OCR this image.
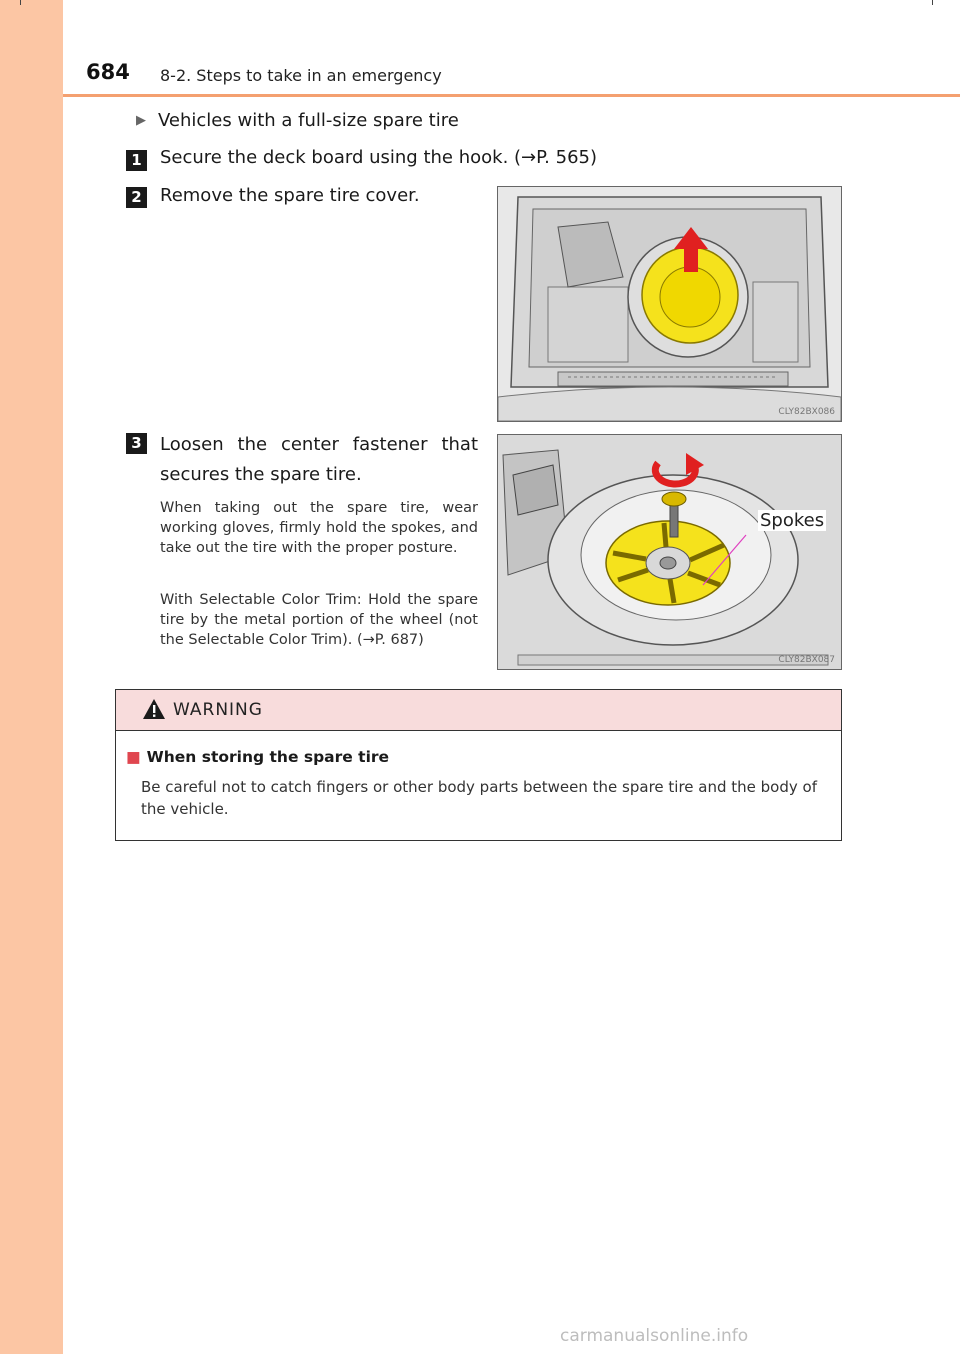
684 8-2. Steps to take in an emergency
▶ Vehicles with a full-size spare tire
1 Secure the deck board using the hook. (→P. 565)
2 Remove the spare tire cover.
CLY82BX086
3 Loosen the center fastener that secures the spare tire.
When taking out the spare tire, wear working gloves, firmly hold the spokes, and take out the tire with the proper posture.
With Selectable Color Trim: Hold the spare tire by the metal portion of the wheel (not the Selectable Color Trim). (→P. 687)
CLY82BX087
Spokes
WARNING
■ When storing the spare tire
Be careful not to catch fingers or other body parts between the spare tire and the body of the vehicle.
carmanualsonline.info
